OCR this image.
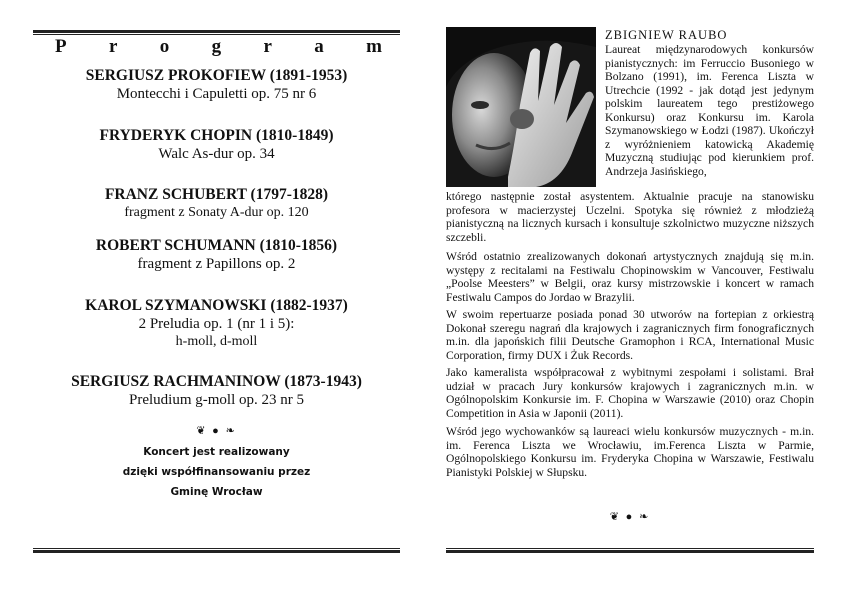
P r o g r a m
SERGIUSZ PROKOFIEW (1891-1953)
Montecchi i Capuletti op. 75 nr 6
FRYDERYK CHOPIN (1810-1849)
Walc As-dur op. 34
FRANZ SCHUBERT (1797-1828)
fragment z Sonaty A-dur op. 120
ROBERT SCHUMANN (1810-1856)
fragment z Papillons op. 2
KAROL SZYMANOWSKI (1882-1937)
2 Preludia op. 1 (nr 1 i 5):
h-moll, d-moll
SERGIUSZ RACHMANINOW (1873-1943)
Preludium g-moll op. 23 nr 5
❦ ● ❧
Koncert jest realizowany
dzięki współfinansowaniu przez
Gminę Wrocław
ZBIGNIEW RAUBO
Laureat międzynarodowych konkursów pianistycznych: im Ferruccio Busoniego w Bolzano (1991), im. Ferenca Liszta w Utrechcie (1992 - jak dotąd jest jedynym polskim laureatem tego prestiżowego Konkursu) oraz Konkursu im. Karola Szymanowskiego w Łodzi (1987). Ukończył z wyróżnieniem katowicką Akademię Muzyczną studiując pod kierunkiem prof. Andrzeja Jasińskiego,
którego następnie został asystentem. Aktualnie pracuje na stanowisku profesora w macierzystej Uczelni. Spotyka się również z młodzieżą pianistyczną na licznych kursach i konsultuje szkolnictwo muzyczne niższych szczebli.
Wśród ostatnio zrealizowanych dokonań artystycznych znajdują się m.in. występy z recitalami na Festiwalu Chopinowskim w Vancouver, Festiwalu „Poolse Meesters” w Belgii, oraz kursy mistrzowskie i koncert w ramach Festiwalu Campos do Jordao w Brazylii.
W swoim repertuarze posiada ponad 30 utworów na fortepian z orkiestrą Dokonał szeregu nagrań dla krajowych i zagranicznych firm fonograficznych m.in. dla japońskich filii Deutsche Gramophon i RCA, International Music Corporation, firmy DUX i Żuk Records.
Jako kameralista współpracował z wybitnymi zespołami i solistami. Brał udział w pracach Jury konkursów krajowych i zagranicznych m.in. w Ogólnopolskim Konkursie im. F. Chopina w Warszawie (2010) oraz Chopin Competition in Asia w Japonii (2011).
Wśród jego wychowanków są laureaci wielu konkursów muzycznych - m.in. im. Ferenca Liszta we Wrocławiu, im.Ferenca Liszta w Parmie, Ogólnopolskiego Konkursu im. Fryderyka Chopina w Warszawie, Festiwalu Pianistyki Polskiej w Słupsku.
❦ ● ❧
